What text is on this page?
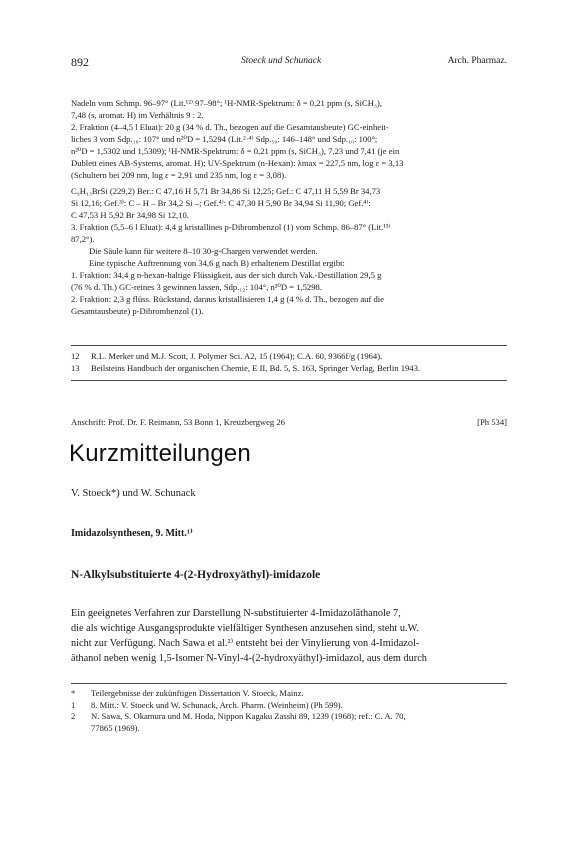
892	Stoeck und Schunack	Arch. Pharmaz.
Nadeln vom Schmp. 96–97° (Lit.¹²⁾ 97–98°; ¹H-NMR-Spektrum: δ = 0,21 ppm (s, SiCH₃),
7,48 (s, aromat. H) im Verhältnis 9 : 2.
2. Fraktion (4–4,5 l Eluat): 20 g (34 % d. Th., bezogen auf die Gesamtausbeute) GC-einheit-
liches 3 vom Sdp.₁₆: 107° und n²⁰D = 1,5294 (Lit.²·⁴⁾ Sdp.₅₀: 146–148° und Sdp.₁₀: 100°;
n²⁰D = 1,5302 und 1,5309); ¹H-NMR-Spektrum: δ = 0,21 ppm (s, SiCH₃), 7,23 und 7,41 (je ein
Dublett eines AB-Systems, aromat. H); UV-Spektrum (n-Hexan): λmax = 227,5 nm, log ε = 3,13
(Schultern bei 209 nm, log ε = 2,91 und 235 nm, log ε = 3,08).
C₉H₁₃BrSi (229,2) Ber.: C 47,16 H 5,71 Br 34,86 Si 12,25; Gef.: C 47,11 H 5,59 Br 34,73
Si 12,16; Gef.³⁾: C – H – Br 34,2 Si –; Gef.⁴⁾: C 47,30 H 5,90 Br 34,94 Si 11,90; Gef.⁴⁾:
C 47,53 H 5,92 Br 34,98 Si 12,10.
3. Fraktion (5,5–6 l Eluat): 4,4 g kristallines p-Dibrombenzol (1) vom Schmp. 86–87° (Lit.¹³⁾
87,2°).
Die Säule kann für weitere 8–10 30-g-Chargen verwendet werden.
Eine typische Auftrennung von 34,6 g nach B) erhaltenem Destillat ergibt:
1. Fraktion: 34,4 g n-hexan-haltige Flüssigkeit, aus der sich durch Vak.-Destillation 29,5 g
(76 % d. Th.) GC-reines 3 gewinnen lassen, Sdp.₁₂: 104°, n²⁰D = 1,5298.
2. Fraktion: 2,3 g flüss. Rückstand, daraus kristallisieren 1,4 g (4 % d. Th., bezogen auf die
Gesamtausbeute) p-Dibrombenzol (1).
12	R.L. Merker und M.J. Scott, J. Polymer Sci. A2, 15 (1964); C.A. 60, 9366f/g (1964).
13	Beilsteins Handbuch der organischen Chemie, E II, Bd. 5, S. 163, Springer Verlag, Berlin 1943.
Anschrift: Prof. Dr. F. Reimann, 53 Bonn 1, Kreuzbergweg 26	[Ph 534]
Kurzmitteilungen
V. Stoeck*) und W. Schunack
Imidazolsynthesen, 9. Mitt.¹⁾
N-Alkylsubstituierte 4-(2-Hydroxyäthyl)-imidazole
Ein geeignetes Verfahren zur Darstellung N-substituierter 4-Imidazoläthanole 7,
die als wichtige Ausgangsprodukte vielfältiger Synthesen anzusehen sind, steht u.W.
nicht zur Verfügung. Nach Sawa et al.²⁾ entsteht bei der Vinylierung von 4-Imidazol-
äthanol neben wenig 1,5-Isomer N-Vinyl-4-(2-hydroxyäthyl)-imidazol, aus dem durch
*	Teilergebnisse der zukünftigen Dissertation V. Stoeck, Mainz.
1	8. Mitt.: V. Stoeck und W. Schunack, Arch. Pharm. (Weinheim) (Ph 599).
2	N. Sawa, S. Okamura und M. Hoda, Nippon Kagaku Zasshi 89, 1239 (1968); ref.: C. A. 70,
77865 (1969).
